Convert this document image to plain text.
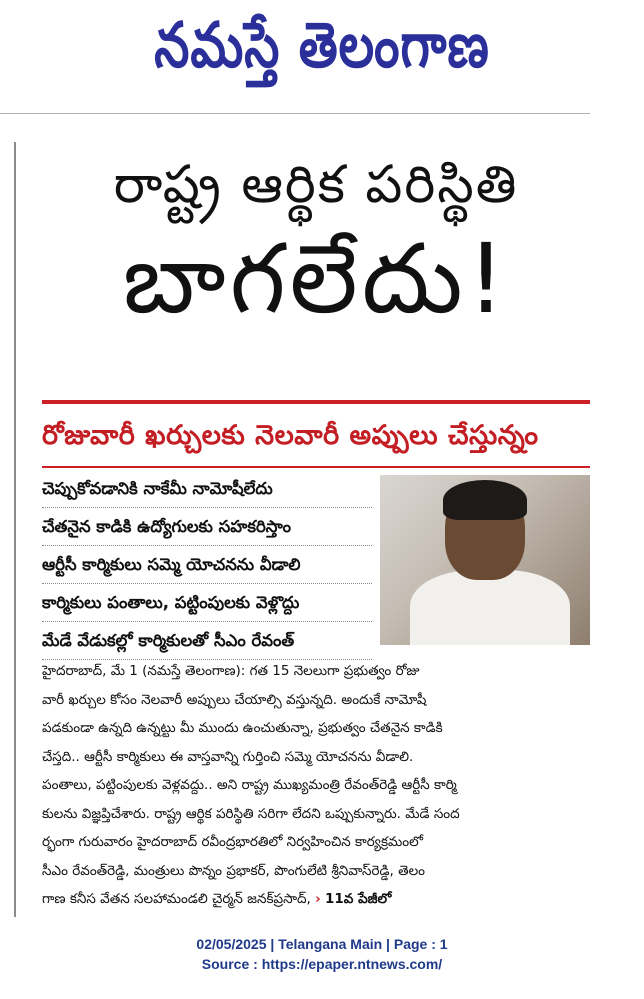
నమస్తే తెలంగాణ
రాష్ట్ర ఆర్థిక పరిస్థితి
బాగలేదు!
రోజువారీ ఖర్చులకు నెలవారీ అప్పులు చేస్తున్నం
చెప్పుకోవడానికి నాకేమీ నామోషీలేదు
చేతనైన కాడికి ఉద్యోగులకు సహకరిస్తాం
ఆర్టీసీ కార్మికులు సమ్మె యోచనను వీడాలి
కార్మికులు పంతాలు, పట్టింపులకు వెళ్లొద్దు
మేడే వేడుకల్లో కార్మికులతో సీఎం రేవంత్
హైదరాబాద్, మే 1 (నమస్తే తెలంగాణ): గత 15 నెలలుగా ప్రభుత్వం రోజు
వారీ ఖర్చుల కోసం నెలవారీ అప్పులు చేయాల్సి వస్తున్నది. అందుకే నామోషీ
పడకుండా ఉన్నది ఉన్నట్టు మీ ముందు ఉంచుతున్నా, ప్రభుత్వం చేతనైన కాడికి
చేస్తది.. ఆర్టీసీ కార్మికులు ఈ వాస్తవాన్ని గుర్తించి సమ్మె యోచనను వీడాలి.
పంతాలు, పట్టింపులకు వెళ్లవద్దు.. అని రాష్ట్ర ముఖ్యమంత్రి రేవంత్‌రెడ్డి ఆర్టీసీ కార్మి
కులను విజ్ఞప్తిచేశారు. రాష్ట్ర ఆర్థిక పరిస్థితి సరిగా లేదని ఒప్పుకున్నారు. మేడే సంద
ర్భంగా గురువారం హైదరాబాద్ రవీంద్రభారతిలో నిర్వహించిన కార్యక్రమంలో
సీఎం రేవంత్‌రెడ్డి, మంత్రులు పొన్నం ప్రభాకర్, పొంగులేటి శ్రీనివాస్‌రెడ్డి, తెలం
గాణ కనీస వేతన సలహామండలి చైర్మన్ జనక్‌ప్రసాద్, › 11వ పేజీలో
02/05/2025 | Telangana Main | Page : 1
Source : https://epaper.ntnews.com/
